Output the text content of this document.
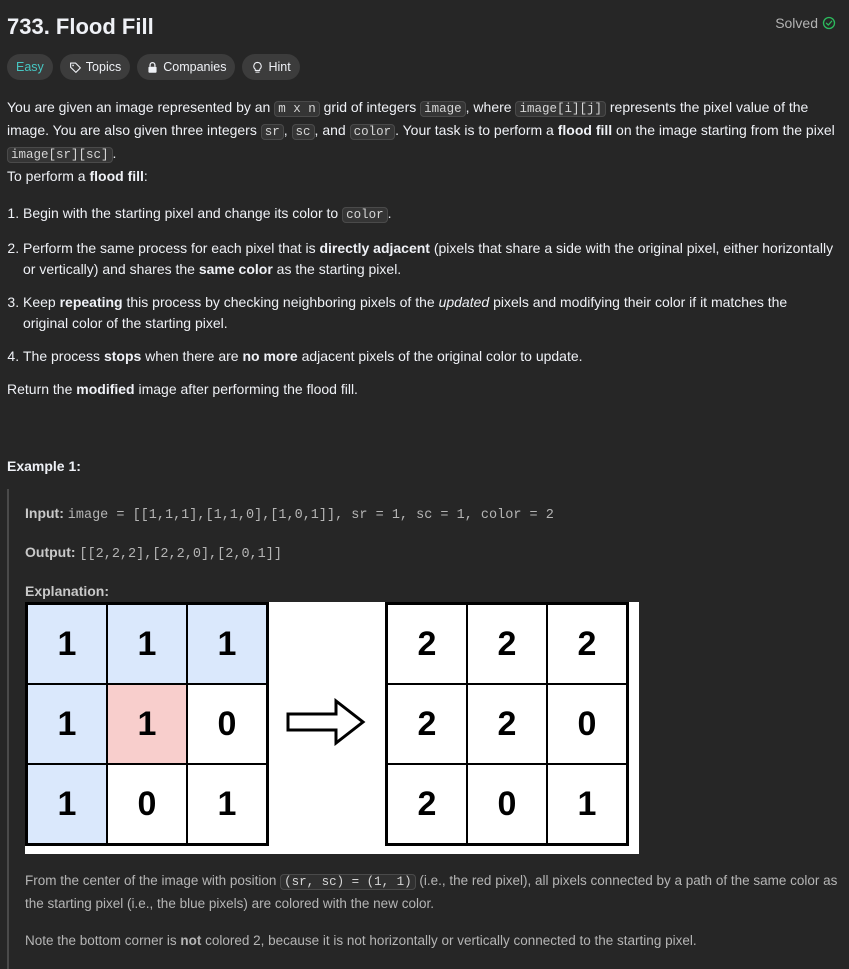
733. Flood Fill	Solved
Easy	Topics	Companies	Hint

You are given an image represented by an m x n grid of integers image , where image[i][j] represents the pixel value of the image. You are also given three integers sr , sc , and color . Your task is to perform a flood fill on the image starting from the pixel image[sr][sc] .

To perform a flood fill:

1. Begin with the starting pixel and change its color to color .
2. Perform the same process for each pixel that is directly adjacent (pixels that share a side with the original pixel, either horizontally or vertically) and shares the same color as the starting pixel.
3. Keep repeating this process by checking neighboring pixels of the updated pixels and modifying their color if it matches the original color of the starting pixel.
4. The process stops when there are no more adjacent pixels of the original color to update.

Return the modified image after performing the flood fill.

Example 1:
Input: image = [[1,1,1],[1,1,0],[1,0,1]], sr = 1, sc = 1, color = 2
Output: [[2,2,2],[2,2,0],[2,0,1]]
Explanation:
1	1	1
1	1	0
1	0	1
2	2	2
2	2	0
2	0	1

From the center of the image with position (sr, sc) = (1, 1) (i.e., the red pixel), all pixels connected by a path of the same color as the starting pixel (i.e., the blue pixels) are colored with the new color.

Note the bottom corner is not colored 2, because it is not horizontally or vertically connected to the starting pixel.
